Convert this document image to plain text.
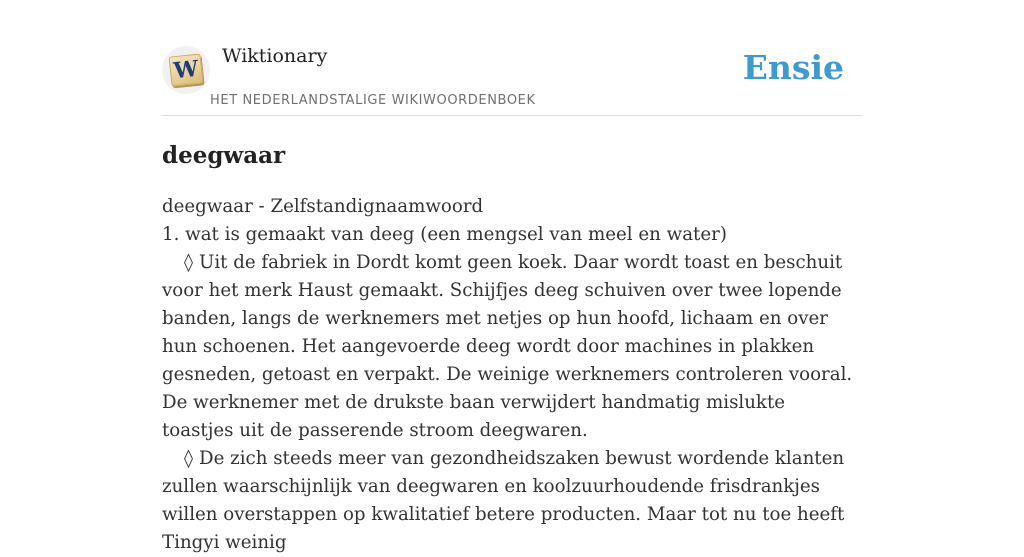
W Wiktionary
HET NEDERLANDSTALIGE WIKIWOORDENBOEK
Ensie
deegwaar

deegwaar - Zelfstandignaamwoord

1. wat is gemaakt van deeg (een mengsel van meel en water)

◊ Uit de fabriek in Dordt komt geen koek. Daar wordt toast en beschuit voor het merk Haust gemaakt. Schijfjes deeg schuiven over twee lopende banden, langs de werknemers met netjes op hun hoofd, lichaam en over hun schoenen. Het aangevoerde deeg wordt door machines in plakken gesneden, getoast en verpakt. De weinige werknemers controleren vooral. De werknemer met de drukste baan verwijdert handmatig mislukte toastjes uit de passerende stroom deegwaren.

◊ De zich steeds meer van gezondheidszaken bewust wordende klanten zullen waarschijnlijk van deegwaren en koolzuurhoudende frisdrankjes willen overstappen op kwalitatief betere producten. Maar tot nu toe heeft Tingyi weinig
